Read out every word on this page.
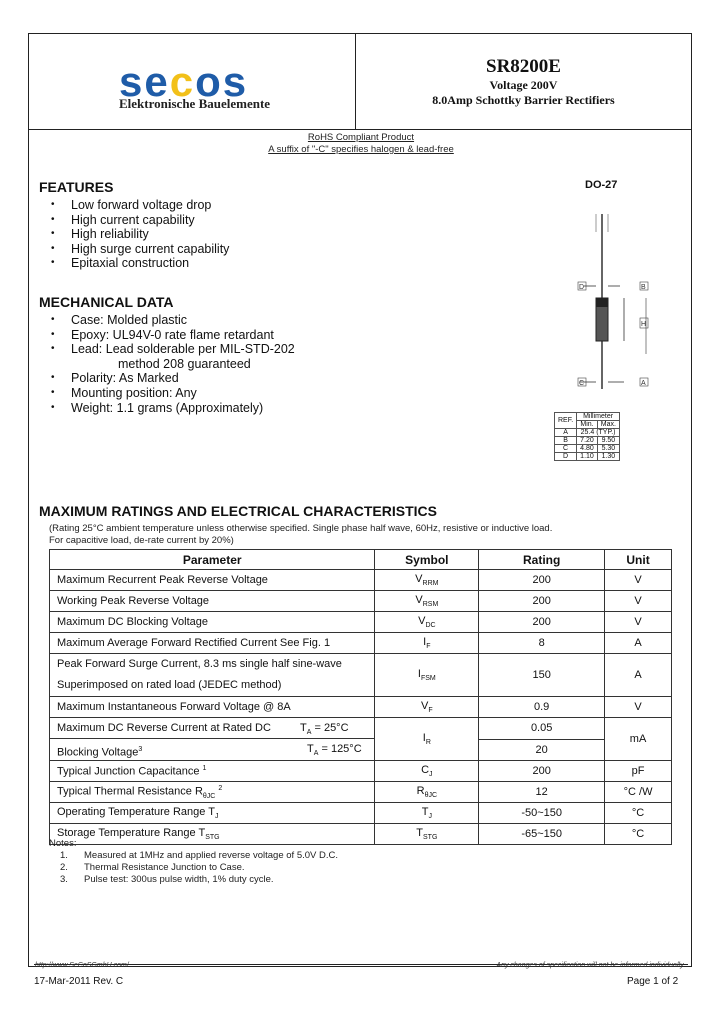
secos
Elektronische Bauelemente
SR8200E
Voltage 200V
8.0Amp Schottky Barrier Rectifiers
RoHS Compliant Product
A suffix of "-C" specifies halogen & lead-free
FEATURES
• Low forward voltage drop
• High current capability
• High reliability
• High surge current capability
• Epitaxial construction
MECHANICAL DATA
• Case: Molded plastic
• Epoxy: UL94V-0 rate flame retardant
• Lead: Lead solderable per MIL-STD-202
method 208 guaranteed
• Polarity: As Marked
• Mounting position: Any
• Weight: 1.1 grams (Approximately)
DO-27
D	B
H
C	A
REF.	Millimeter	
	Min.	Max.
A	25.4 (TYP.)	
B	7.20	9.50
C	4.80	5.30
D	1.10	1.30
MAXIMUM RATINGS AND ELECTRICAL CHARACTERISTICS
(Rating 25°C ambient temperature unless otherwise specified. Single phase half wave, 60Hz, resistive or inductive load.
For capacitive load, de-rate current by 20%)
Parameter	Symbol	Rating	Unit
Maximum Recurrent Peak Reverse Voltage	$V_{RRM}$	200	V
Working Peak Reverse Voltage	$V_{RSM}$	200	V
Maximum DC Blocking Voltage	$V_{DC}$	200	V
Maximum Average Forward Rectified Current See Fig. 1	$I_F$	8	A

Peak Forward Surge Current, 8.3 ms single half sine-wave
Superimposed on rated load (JEDEC method)	$I_{FSM}$	150	A
Maximum Instantaneous Forward Voltage @ 8A	$V_F$	0.9	V

Maximum DC Reverse Current at Rated DC $T_A = 25^\circ C$
Blocking Voltage$^3$ $T_A = 125^\circ C$	$I_R$	0.05	mA
		20	
Typical Junction Capacitance $^1$	$C_J$	200	pF
Typical Thermal Resistance $R_{\theta JC}$ $^2$	$R_{\theta JC}$	12	°C /W
Operating Temperature Range $T_J$	$T_J$	-50~150	°C
Storage Temperature Range $T_{STG}$	$T_{STG}$	-65~150	°C
Notes:
1. Measured at 1MHz and applied reverse voltage of 5.0V D.C.
2. Thermal Resistance Junction to Case.
3. Pulse test: 300us pulse width, 1% duty cycle.
http://www.SeCoSGmbH.com/	Any changes of specification will not be informed individually.
17-Mar-2011 Rev. C	Page 1 of 2
